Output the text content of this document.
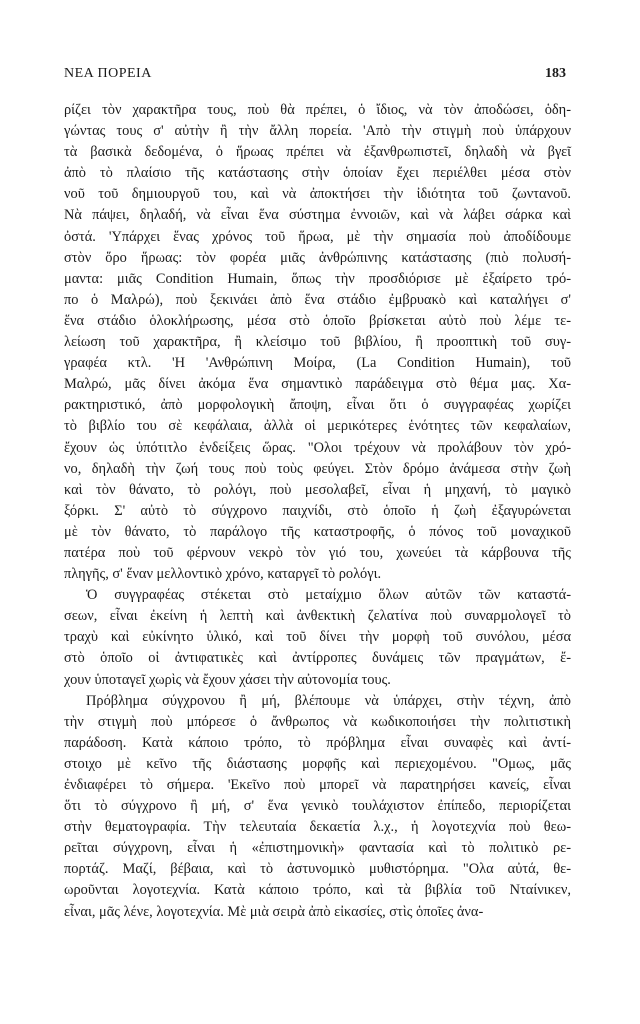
ΝΕΑ ΠΟΡΕΙΑ	183
ρίζει τὸν χαρακτῆρα τους, ποὺ θὰ πρέπει, ὁ ἴδιος, νὰ τὸν ἀποδώσει, ὁδη-
γώντας τους σ' αὐτὴν ἢ τὴν ἄλλη πορεία. 'Απὸ τὴν στιγμὴ ποὺ ὑπάρχουν
τὰ βασικὰ δεδομένα, ὁ ἥρωας πρέπει νὰ ἐξανθρωπιστεῖ, δηλαδὴ νὰ βγεῖ
ἀπὸ τὸ πλαίσιο τῆς κατάστασης στὴν ὁποίαν ἔχει περιέλθει μέσα στὸν
νοῦ τοῦ δημιουργοῦ του, καὶ νὰ ἀποκτήσει τὴν ἰδιότητα τοῦ ζωντανοῦ.
Νὰ πάψει, δηλαδή, νὰ εἶναι ἕνα σύστημα ἐννοιῶν, καὶ νὰ λάβει σάρκα καὶ
ὀστά. 'Υπάρχει ἕνας χρόνος τοῦ ἥρωα, μὲ τὴν σημασία ποὺ ἀποδίδουμε
στὸν ὅρο ἥρωας: τὸν φορέα μιᾶς ἀνθρώπινης κατάστασης (πιὸ πολυσή-
μαντα: μιᾶς Condition Humain, ὅπως τὴν προσδιόρισε μὲ ἐξαίρετο τρό-
πο ὁ Μαλρώ), ποὺ ξεκινάει ἀπὸ ἕνα στάδιο ἐμβρυακὸ καὶ καταλήγει σ'
ἕνα στάδιο ὁλοκλήρωσης, μέσα στὸ ὁποῖο βρίσκεται αὐτὸ ποὺ λέμε τε-
λείωση τοῦ χαρακτῆρα, ἢ κλείσιμο τοῦ βιβλίου, ἢ προοπτικὴ τοῦ συγ-
γραφέα κτλ. 'Η 'Ανθρώπινη Μοίρα, (La Condition Humain), τοῦ
Μαλρώ, μᾶς δίνει ἀκόμα ἕνα σημαντικὸ παράδειγμα στὸ θέμα μας. Χα-
ρακτηριστικό, ἀπὸ μορφολογικὴ ἄποψη, εἶναι ὅτι ὁ συγγραφέας χωρίζει
τὸ βιβλίο του σὲ κεφάλαια, ἀλλὰ οἱ μερικότερες ἑνότητες τῶν κεφαλαίων,
ἔχουν ὡς ὑπότιτλο ἐνδείξεις ὥρας. "Ολοι τρέχουν νὰ προλάβουν τὸν χρό-
νο, δηλαδὴ τὴν ζωή τους ποὺ τοὺς φεύγει. Στὸν δρόμο ἀνάμεσα στὴν ζωὴ
καὶ τὸν θάνατο, τὸ ρολόγι, ποὺ μεσολαβεῖ, εἶναι ἡ μηχανή, τὸ μαγικὸ
ξόρκι. Σ' αὐτὸ τὸ σύγχρονο παιχνίδι, στὸ ὁποῖο ἡ ζωὴ ἐξαγυρώνεται
μὲ τὸν θάνατο, τὸ παράλογο τῆς καταστροφῆς, ὁ πόνος τοῦ μοναχικοῦ
πατέρα ποὺ τοῦ φέρνουν νεκρὸ τὸν γιό του, χωνεύει τὰ κάρβουνα τῆς
πληγῆς, σ' ἕναν μελλοντικὸ χρόνο, καταργεῖ τὸ ρολόγι.
Ὁ συγγραφέας στέκεται στὸ μεταίχμιο ὅλων αὐτῶν τῶν καταστά-
σεων, εἶναι ἐκείνη ἡ λεπτὴ καὶ ἀνθεκτικὴ ζελατίνα ποὺ συναρμολογεῖ τὸ
τραχὺ καὶ εὐκίνητο ὑλικό, καὶ τοῦ δίνει τὴν μορφὴ τοῦ συνόλου, μέσα
στὸ ὁποῖο οἱ ἀντιφατικὲς καὶ ἀντίρροπες δυνάμεις τῶν πραγμάτων, ἔ-
χουν ὑποταγεῖ χωρὶς νὰ ἔχουν χάσει τὴν αὐτονομία τους.
Πρόβλημα σύγχρονου ἢ μή, βλέπουμε νὰ ὑπάρχει, στὴν τέχνη, ἀπὸ
τὴν στιγμὴ ποὺ μπόρεσε ὁ ἄνθρωπος νὰ κωδικοποιήσει τὴν πολιτιστικὴ
παράδοση. Κατὰ κάποιο τρόπο, τὸ πρόβλημα εἶναι συναφὲς καὶ ἀντί-
στοιχο μὲ κεῖνο τῆς διάστασης μορφῆς καὶ περιεχομένου. "Ομως, μᾶς
ἐνδιαφέρει τὸ σήμερα. 'Εκεῖνο ποὺ μπορεῖ νὰ παρατηρήσει κανείς, εἶναι
ὅτι τὸ σύγχρονο ἢ μή, σ' ἕνα γενικὸ τουλάχιστον ἐπίπεδο, περιορίζεται
στὴν θεματογραφία. Τὴν τελευταία δεκαετία λ.χ., ἡ λογοτεχνία ποὺ θεω-
ρεῖται σύγχρονη, εἶναι ἡ «ἐπιστημονικὴ» φαντασία καὶ τὸ πολιτικὸ ρε-
πορτάζ. Μαζί, βέβαια, καὶ τὸ ἀστυνομικὸ μυθιστόρημα. "Ολα αὐτά, θε-
ωροῦνται λογοτεχνία. Κατὰ κάποιο τρόπο, καὶ τὰ βιβλία τοῦ Νταίνικεν,
εἶναι, μᾶς λένε, λογοτεχνία. Μὲ μιὰ σειρὰ ἀπὸ εἰκασίες, στὶς ὁποῖες ἀνα-
